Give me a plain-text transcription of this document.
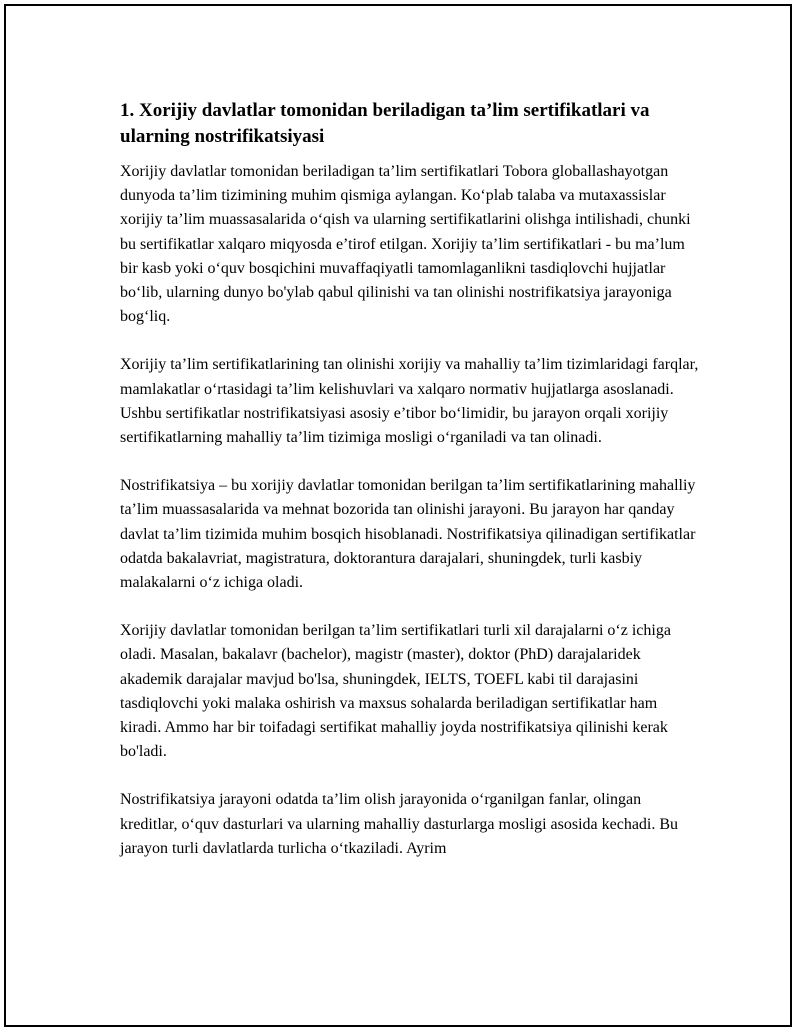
1. Xorijiy davlatlar tomonidan beriladigan ta’lim sertifikatlari va ularning nostrifikatsiyasi

Xorijiy davlatlar tomonidan beriladigan ta’lim sertifikatlari Tobora globallashayotgan dunyoda ta’lim tizimining muhim qismiga aylangan. Ko‘plab talaba va mutaxassislar xorijiy ta’lim muassasalarida o‘qish va ularning sertifikatlarini olishga intilishadi, chunki bu sertifikatlar xalqaro miqyosda e’tirof etilgan. Xorijiy ta’lim sertifikatlari - bu ma’lum bir kasb yoki o‘quv bosqichini muvaffaqiyatli tamomlaganlikni tasdiqlovchi hujjatlar bo‘lib, ularning dunyo bo'ylab qabul qilinishi va tan olinishi nostrifikatsiya jarayoniga bog‘liq.

Xorijiy ta’lim sertifikatlarining tan olinishi xorijiy va mahalliy ta’lim tizimlaridagi farqlar, mamlakatlar o‘rtasidagi ta’lim kelishuvlari va xalqaro normativ hujjatlarga asoslanadi. Ushbu sertifikatlar nostrifikatsiyasi asosiy e’tibor bo‘limidir, bu jarayon orqali xorijiy sertifikatlarning mahalliy ta’lim tizimiga mosligi o‘rganiladi va tan olinadi.

Nostrifikatsiya – bu xorijiy davlatlar tomonidan berilgan ta’lim sertifikatlarining mahalliy ta’lim muassasalarida va mehnat bozorida tan olinishi jarayoni. Bu jarayon har qanday davlat ta’lim tizimida muhim bosqich hisoblanadi. Nostrifikatsiya qilinadigan sertifikatlar odatda bakalavriat, magistratura, doktorantura darajalari, shuningdek, turli kasbiy malakalarni o‘z ichiga oladi.

Xorijiy davlatlar tomonidan berilgan ta’lim sertifikatlari turli xil darajalarni o‘z ichiga oladi. Masalan, bakalavr (bachelor), magistr (master), doktor (PhD) darajalaridek akademik darajalar mavjud bo'lsa, shuningdek, IELTS, TOEFL kabi til darajasini tasdiqlovchi yoki malaka oshirish va maxsus sohalarda beriladigan sertifikatlar ham kiradi. Ammo har bir toifadagi sertifikat mahalliy joyda nostrifikatsiya qilinishi kerak bo'ladi.

Nostrifikatsiya jarayoni odatda ta’lim olish jarayonida o‘rganilgan fanlar, olingan kreditlar, o‘quv dasturlari va ularning mahalliy dasturlarga mosligi asosida kechadi. Bu jarayon turli davlatlarda turlicha o‘tkaziladi. Ayrim
